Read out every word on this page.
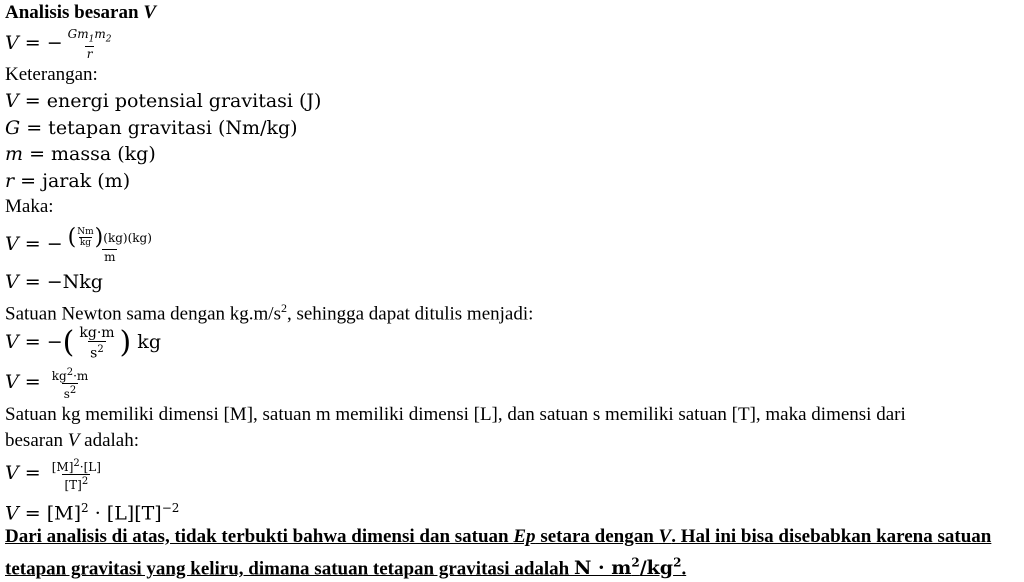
Analisis besaran V
V = − $\frac{Gm_1m_2}{r}$
Keterangan:
V = energi potensial gravitasi (J)
G = tetapan gravitasi (Nm/kg)
m = massa (kg)
r = jarak (m)
Maka:
V = − $\frac{( \frac{Nm}{kg} ) (kg)(kg)}{m}$
V = −Nkg
Satuan Newton sama dengan $kg.m/s^2$, sehingga dapat ditulis menjadi:
V = −( $\frac{kg\cdot m}{s^2}$ ) kg
$V = \frac{kg^2\cdot m}{s^2}$
Satuan kg memiliki dimensi [M], satuan m memiliki dimensi [L], dan satuan s memiliki satuan [T], maka dimensi dari
besaran V adalah:
$V = \frac{[M]^2\cdot[L]}{[T]^2}$
$V = [M]^2 \cdot [L][T]^{-2}$
Dari analisis di atas, tidak terbukti bahwa dimensi dan satuan Ep setara dengan V. Hal ini bisa disebabkan karena satuan tetapan gravitasi yang keliru, dimana satuan tetapan gravitasi adalah $N \cdot m^2/kg^2$.
